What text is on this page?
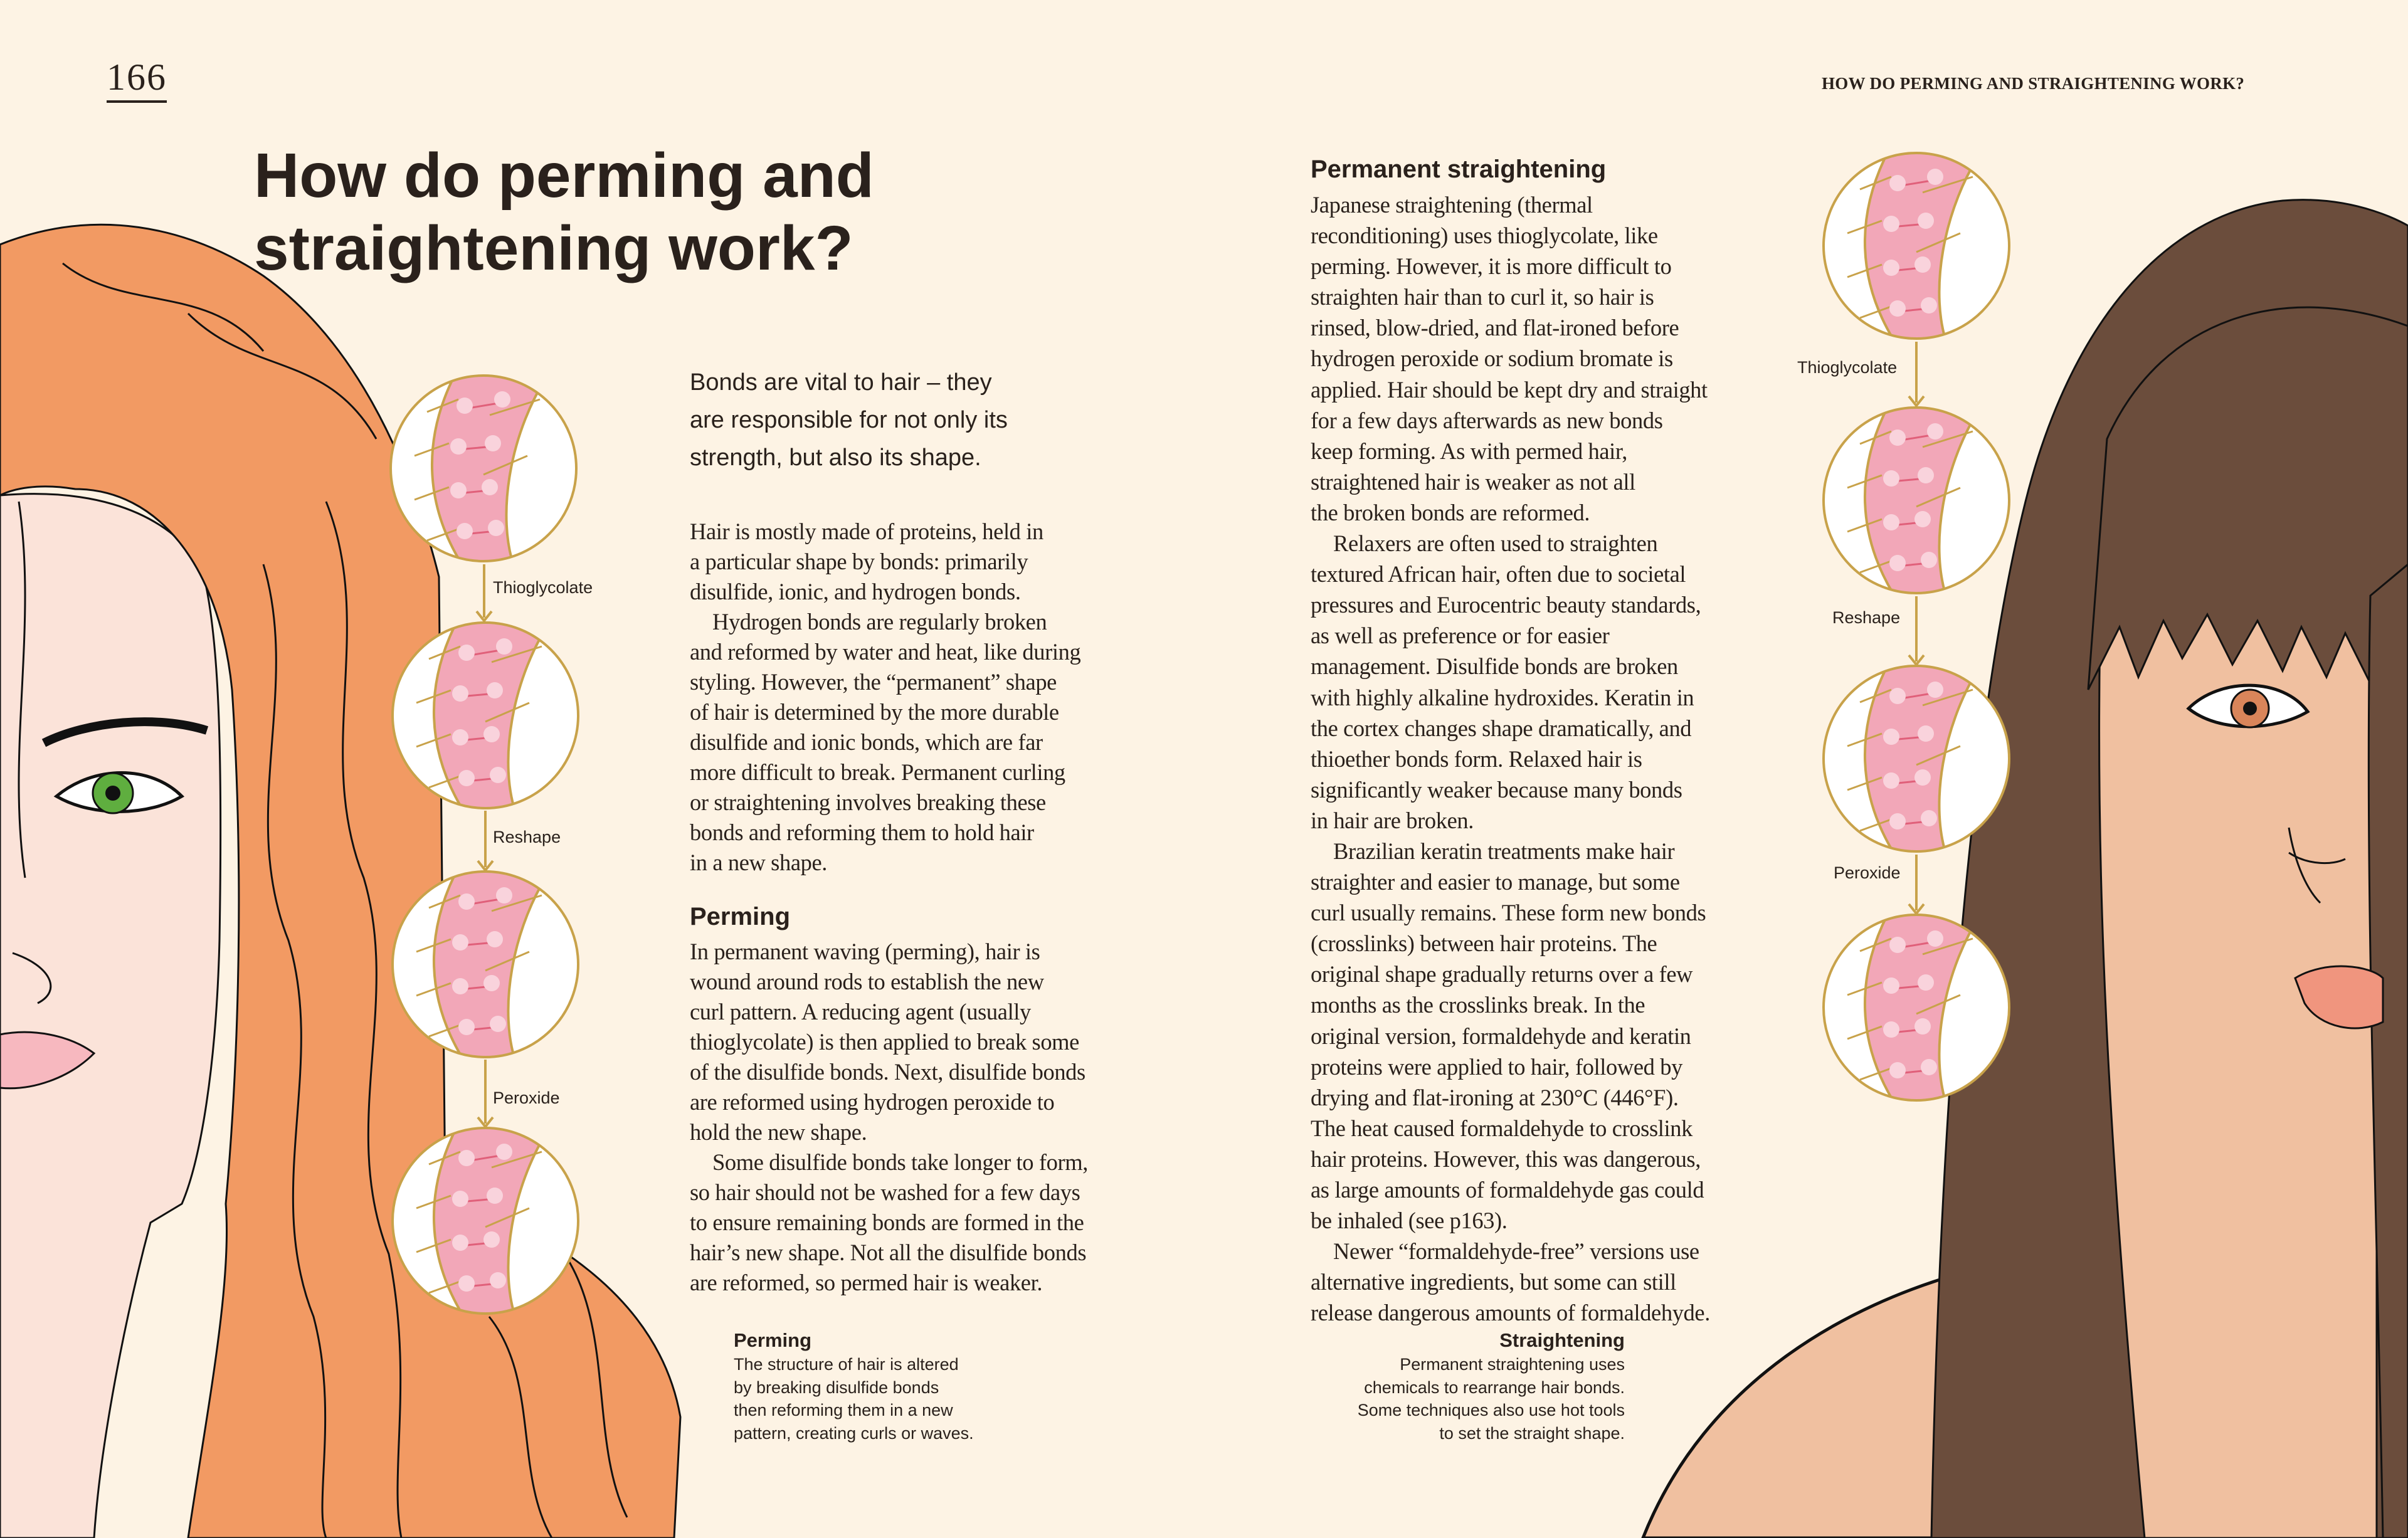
Thioglycolate
Reshape
Peroxide
Thioglycolate
Reshape
Peroxide
166	HOW DO PERMING AND STRAIGHTENING WORK?
How do perming and
straightening work?
Bonds are vital to hair – they
are responsible for not only its
strength, but also its shape.
Hair is mostly made of proteins, held in
a particular shape by bonds: primarily
disulfide, ionic, and hydrogen bonds.
Hydrogen bonds are regularly broken
and reformed by water and heat, like during
styling. However, the “permanent” shape
of hair is determined by the more durable
disulfide and ionic bonds, which are far
more difficult to break. Permanent curling
or straightening involves breaking these
bonds and reforming them to hold hair
in a new shape.
Perming
In permanent waving (perming), hair is
wound around rods to establish the new
curl pattern. A reducing agent (usually
thioglycolate) is then applied to break some
of the disulfide bonds. Next, disulfide bonds
are reformed using hydrogen peroxide to
hold the new shape.
Some disulfide bonds take longer to form,
so hair should not be washed for a few days
to ensure remaining bonds are formed in the
hair’s new shape. Not all the disulfide bonds
are reformed, so permed hair is weaker.
Permanent straightening
Japanese straightening (thermal
reconditioning) uses thioglycolate, like
perming. However, it is more difficult to
straighten hair than to curl it, so hair is
rinsed, blow-dried, and flat-ironed before
hydrogen peroxide or sodium bromate is
applied. Hair should be kept dry and straight
for a few days afterwards as new bonds
keep forming. As with permed hair,
straightened hair is weaker as not all
the broken bonds are reformed.
Relaxers are often used to straighten
textured African hair, often due to societal
pressures and Eurocentric beauty standards,
as well as preference or for easier
management. Disulfide bonds are broken
with highly alkaline hydroxides. Keratin in
the cortex changes shape dramatically, and
thioether bonds form. Relaxed hair is
significantly weaker because many bonds
in hair are broken.
Brazilian keratin treatments make hair
straighter and easier to manage, but some
curl usually remains. These form new bonds
(crosslinks) between hair proteins. The
original shape gradually returns over a few
months as the crosslinks break. In the
original version, formaldehyde and keratin
proteins were applied to hair, followed by
drying and flat-ironing at 230°C (446°F).
The heat caused formaldehyde to crosslink
hair proteins. However, this was dangerous,
as large amounts of formaldehyde gas could
be inhaled (see p163).
Newer “formaldehyde-free” versions use
alternative ingredients, but some can still
release dangerous amounts of formaldehyde.
Perming
The structure of hair is altered
by breaking disulfide bonds
then reforming them in a new
pattern, creating curls or waves.
Straightening
Permanent straightening uses
chemicals to rearrange hair bonds.
Some techniques also use hot tools
to set the straight shape.
